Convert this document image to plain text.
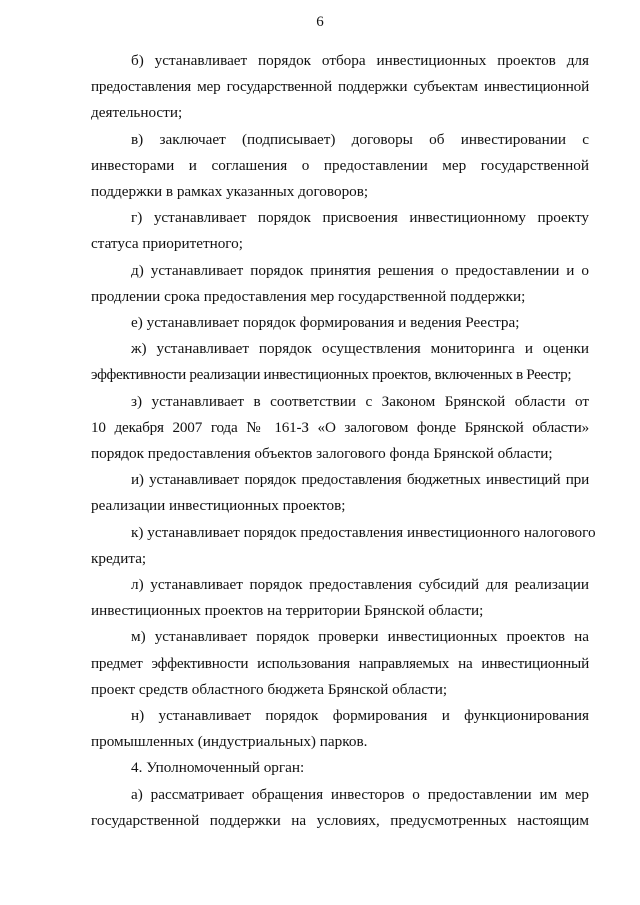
6

б) устанавливает порядок отбора инвестиционных проектов для
предоставления мер государственной поддержки субъектам инвестиционной
деятельности;

в) заключает (подписывает) договоры об инвестировании с
инвесторами и соглашения о предоставлении мер государственной
поддержки в рамках указанных договоров;

г) устанавливает порядок присвоения инвестиционному проекту
статуса приоритетного;

д) устанавливает порядок принятия решения о предоставлении и о
продлении срока предоставления мер государственной поддержки;

е) устанавливает порядок формирования и ведения Реестра;

ж) устанавливает порядок осуществления мониторинга и оценки
эффективности реализации инвестиционных проектов, включенных в Реестр;

з) устанавливает в соответствии с Законом Брянской области от
10 декабря 2007 года № 161-З «О залоговом фонде Брянской области»
порядок предоставления объектов залогового фонда Брянской области;

и) устанавливает порядок предоставления бюджетных инвестиций при
реализации инвестиционных проектов;

к) устанавливает порядок предоставления инвестиционного налогового
кредита;

л) устанавливает порядок предоставления субсидий для реализации
инвестиционных проектов на территории Брянской области;

м) устанавливает порядок проверки инвестиционных проектов на
предмет эффективности использования направляемых на инвестиционный
проект средств областного бюджета Брянской области;

н) устанавливает порядок формирования и функционирования
промышленных (индустриальных) парков.

4. Уполномоченный орган:

а) рассматривает обращения инвесторов о предоставлении им мер
государственной поддержки на условиях, предусмотренных настоящим
